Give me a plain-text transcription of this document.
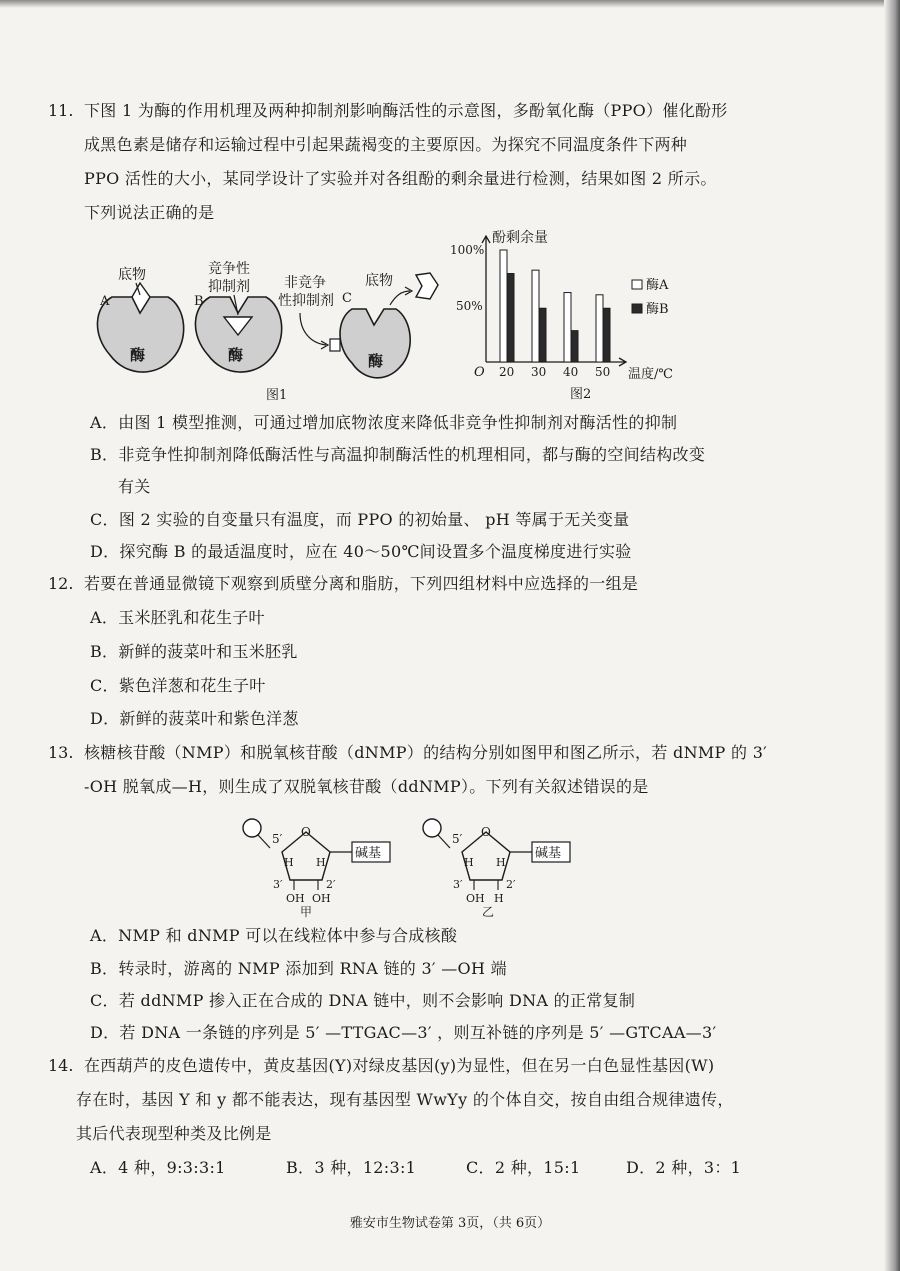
11. 下图 1 为酶的作用机理及两种抑制剂影响酶活性的示意图，多酚氧化酶（PPO）催化酚形
成黑色素是储存和运输过程中引起果蔬褐变的主要原因。为探究不同温度条件下两种
PPO 活性的大小，某同学设计了实验并对各组酚的剩余量进行检测，结果如图 2 所示。
下列说法正确的是
酶
A
底物
酶
B
竞争性
抑制剂
酶
C
非竞争
性抑制剂
底物
图1
酚剩余量
100%
50%
O	温度/℃
图2
20 30 40 50
酶A
酶B
A．由图 1 模型推测，可通过增加底物浓度来降低非竞争性抑制剂对酶活性的抑制
B．非竞争性抑制剂降低酶活性与高温抑制酶活性的机理相同，都与酶的空间结构改变
有关
C．图 2 实验的自变量只有温度，而 PPO 的初始量、 pH 等属于无关变量
D．探究酶 B 的最适温度时，应在 40～50℃间设置多个温度梯度进行实验
12. 若要在普通显微镜下观察到质壁分离和脂肪，下列四组材料中应选择的一组是
A．玉米胚乳和花生子叶
B．新鲜的菠菜叶和玉米胚乳
C．紫色洋葱和花生子叶
D．新鲜的菠菜叶和紫色洋葱
13. 核糖核苷酸（NMP）和脱氧核苷酸（dNMP）的结构分别如图甲和图乙所示，若 dNMP 的 3′
-OH 脱氧成—H，则生成了双脱氧核苷酸（ddNMP）。下列有关叙述错误的是
5′ O
碱基
H H
3′	2′
OH OH
甲
5′ O
碱基
H H
3′	2′
OH H
乙
A．NMP 和 dNMP 可以在线粒体中参与合成核酸
B．转录时，游离的 NMP 添加到 RNA 链的 3′ —OH 端
C．若 ddNMP 掺入正在合成的 DNA 链中，则不会影响 DNA 的正常复制
D．若 DNA 一条链的序列是 5′ —TTGAC—3′ ，则互补链的序列是 5′ —GTCAA—3′
14. 在西葫芦的皮色遗传中，黄皮基因(Y)对绿皮基因(y)为显性，但在另一白色显性基因(W)
存在时，基因 Y 和 y 都不能表达，现有基因型 WwYy 的个体自交，按自由组合规律遗传，
其后代表现型种类及比例是
A．4 种，9:3:3:1	B．3 种，12:3:1	C．2 种，15:1	D．2 种，3：1
雅安市生物试卷第 3页，（共 6页）
